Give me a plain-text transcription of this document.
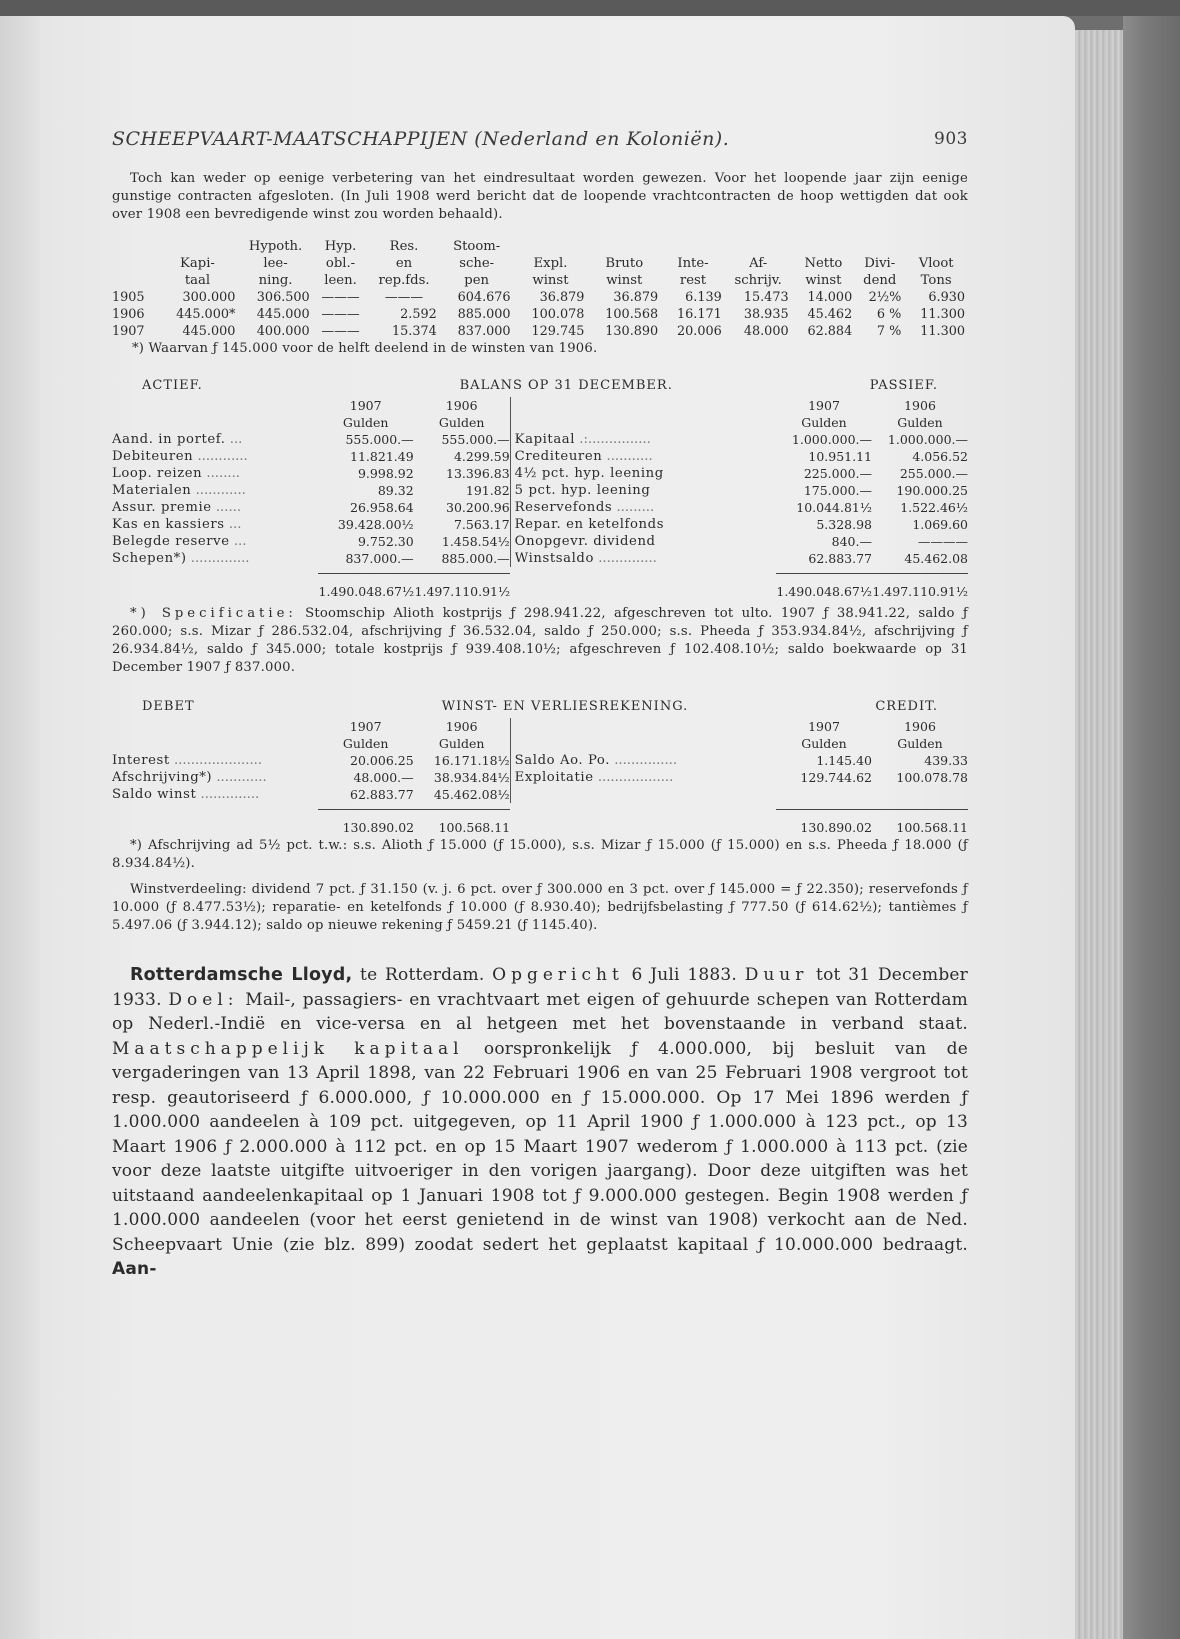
SCHEEPVAART-MAATSCHAPPIJEN (Nederland en Koloniën).	903

Toch kan weder op eenige verbetering van het eindresultaat worden gewezen. Voor het loopende jaar zijn eenige gunstige contracten afgesloten. (In Juli 1908 werd bericht dat de loopende vrachtcontracten de hoop wettigden dat ook over 1908 een bevredigende winst zou worden behaald).

		Hypoth.	Hyp.	Res.	Stoom-							
	Kapi-	lee-	obl.-	en	sche-	Expl.	Bruto	Inte-	Af-	Netto	Divi-	Vloot
	taal	ning.	leen.	rep.fds.	pen	winst	winst	rest	schrijv.	winst	dend	Tons
1905	300.000	306.500	———	———	604.676	36.879	36.879	6.139	15.473	14.000	2½%	6.930
1906	445.000*	445.000	———	2.592	885.000	100.078	100.568	16.171	38.935	45.462	6 %	11.300
1907	445.000	400.000	———	15.374	837.000	129.745	130.890	20.006	48.000	62.884	7 %	11.300

*) Waarvan ƒ 145.000 voor de helft deelend in de winsten van 1906.

ACTIEF.	BALANS OP 31 DECEMBER.	PASSIEF.
1907	1906
Gulden	Gulden
Aand. in portef. ...	555.000.—	555.000.—
Debiteuren ............	11.821.49	4.299.59
Loop. reizen ........	9.998.92	13.396.83
Materialen ............	89.32	191.82
Assur. premie ......	26.958.64	30.200.96
Kas en kassiers ...	39.428.00½	7.563.17
Belegde reserve ...	9.752.30	1.458.54½
Schepen*) ..............	837.000.—	885.000.—
1907	1906
Gulden	Gulden
Kapitaal .:...............	1.000.000.—	1.000.000.—
Crediteuren ...........	10.951.11	4.056.52
4½ pct. hyp. leening	225.000.—	255.000.—
5 pct. hyp. leening	175.000.—	190.000.25
Reservefonds .........	10.044.81½	1.522.46½
Repar. en ketelfonds	5.328.98	1.069.60
Onopgevr. dividend	840.—	————
Winstsaldo ..............	62.883.77	45.462.08
1.490.048.67½ 1.497.110.91½	1.490.048.67½ 1.497.110.91½

*) Specificatie: Stoomschip Alioth kostprijs ƒ 298.941.22, afgeschreven tot ulto. 1907 ƒ 38.941.22, saldo ƒ 260.000; s.s. Mizar ƒ 286.532.04, afschrijving ƒ 36.532.04, saldo ƒ 250.000; s.s. Pheeda ƒ 353.934.84½, afschrijving ƒ 26.934.84½, saldo ƒ 345.000; totale kostprijs ƒ 939.408.10½; afgeschreven ƒ 102.408.10½; saldo boekwaarde op 31 December 1907 ƒ 837.000.

DEBET	WINST- EN VERLIESREKENING.	CREDIT.
1907	1906
Gulden	Gulden
Interest .....................	20.006.25	16.171.18½
Afschrijving*) ............	48.000.—	38.934.84½
Saldo winst ..............	62.883.77	45.462.08½
1907	1906
Gulden	Gulden
Saldo Ao. Po. ...............	1.145.40	439.33
Exploitatie ..................	129.744.62	100.078.78

130.890.02	100.568.11	130.890.02	100.568.11

*) Afschrijving ad 5½ pct. t.w.: s.s. Alioth ƒ 15.000 (ƒ 15.000), s.s. Mizar ƒ 15.000 (ƒ 15.000) en s.s. Pheeda ƒ 18.000 (ƒ 8.934.84½).

Winstverdeeling: dividend 7 pct. ƒ 31.150 (v. j. 6 pct. over ƒ 300.000 en 3 pct. over ƒ 145.000 = ƒ 22.350); reservefonds ƒ 10.000 (ƒ 8.477.53½); reparatie- en ketelfonds ƒ 10.000 (ƒ 8.930.40); bedrijfsbelasting ƒ 777.50 (ƒ 614.62½); tantièmes ƒ 5.497.06 (ƒ 3.944.12); saldo op nieuwe rekening ƒ 5459.21 (ƒ 1145.40).

Rotterdamsche Lloyd, te Rotterdam. Opgericht 6 Juli 1883. Duur tot 31 December 1933. Doel: Mail-, passagiers- en vrachtvaart met eigen of gehuurde schepen van Rotterdam op Nederl.-Indië en vice-versa en al hetgeen met het bovenstaande in verband staat. Maatschappelijk kapitaal oorspronkelijk ƒ 4.000.000, bij besluit van de vergaderingen van 13 April 1898, van 22 Februari 1906 en van 25 Februari 1908 vergroot tot resp. geautoriseerd ƒ 6.000.000, ƒ 10.000.000 en ƒ 15.000.000. Op 17 Mei 1896 werden ƒ 1.000.000 aandeelen à 109 pct. uitgegeven, op 11 April 1900 ƒ 1.000.000 à 123 pct., op 13 Maart 1906 ƒ 2.000.000 à 112 pct. en op 15 Maart 1907 wederom ƒ 1.000.000 à 113 pct. (zie voor deze laatste uitgifte uitvoeriger in den vorigen jaargang). Door deze uitgiften was het uitstaand aandeelenkapitaal op 1 Januari 1908 tot ƒ 9.000.000 gestegen. Begin 1908 werden ƒ 1.000.000 aandeelen (voor het eerst genietend in de winst van 1908) verkocht aan de Ned. Scheepvaart Unie (zie blz. 899) zoodat sedert het geplaatst kapitaal ƒ 10.000.000 bedraagt. Aan-
